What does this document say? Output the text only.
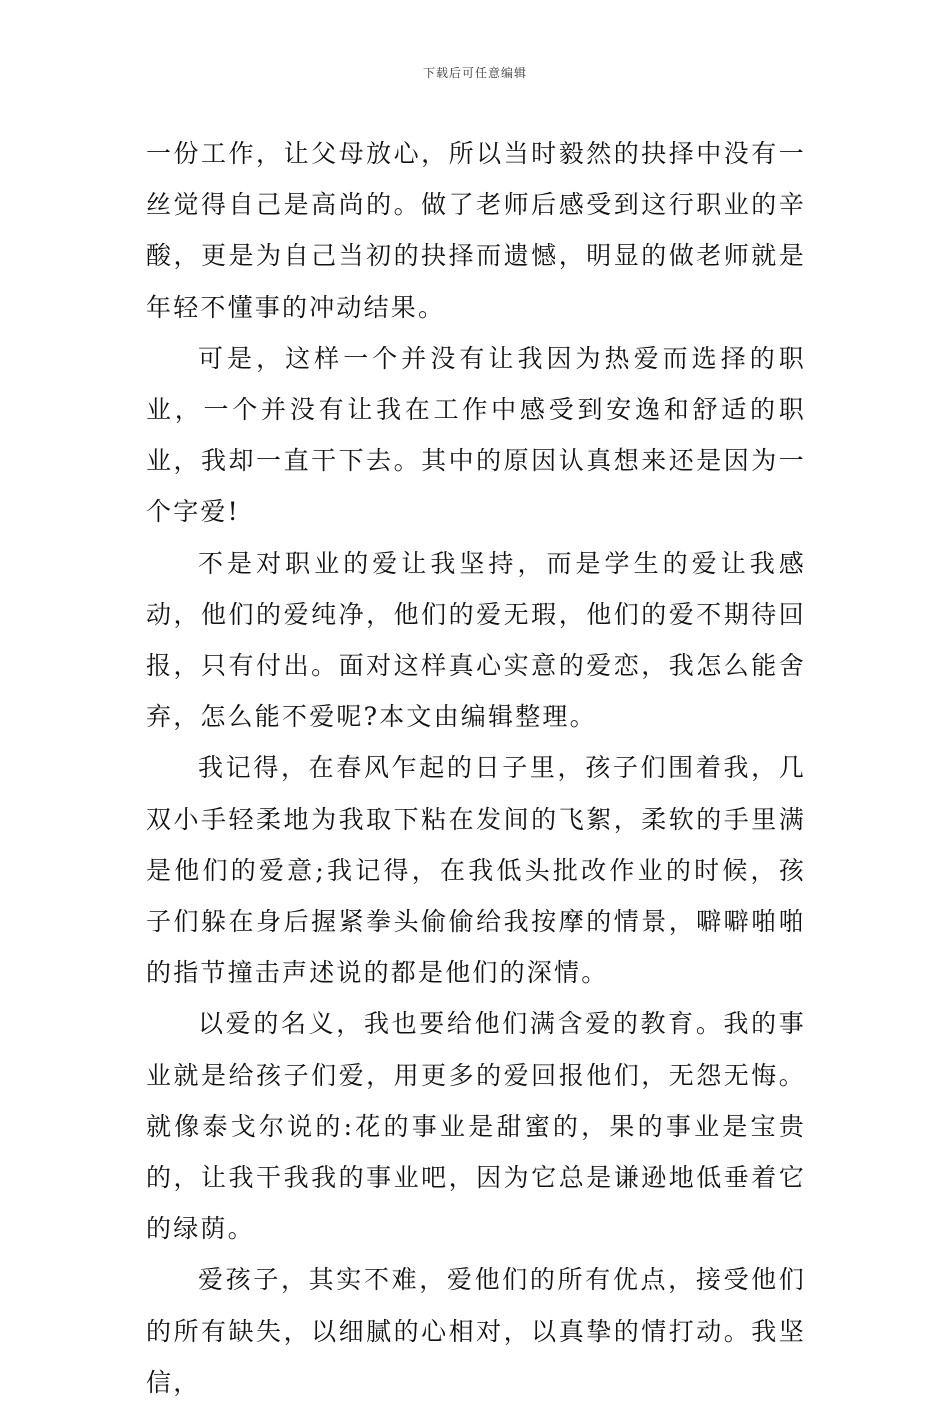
下载后可任意编辑

一份工作，让父母放心，所以当时毅然的抉择中没有一丝觉得自己是高尚的。做了老师后感受到这行职业的辛酸，更是为自己当初的抉择而遗憾，明显的做老师就是年轻不懂事的冲动结果。

可是，这样一个并没有让我因为热爱而选择的职业，一个并没有让我在工作中感受到安逸和舒适的职业，我却一直干下去。其中的原因认真想来还是因为一个字爱!

不是对职业的爱让我坚持，而是学生的爱让我感动，他们的爱纯净，他们的爱无瑕，他们的爱不期待回报，只有付出。面对这样真心实意的爱恋，我怎么能舍弃，怎么能不爱呢?本文由编辑整理。

我记得，在春风乍起的日子里，孩子们围着我，几双小手轻柔地为我取下粘在发间的飞絮，柔软的手里满是他们的爱意;我记得，在我低头批改作业的时候，孩子们躲在身后握紧拳头偷偷给我按摩的情景，噼噼啪啪的指节撞击声述说的都是他们的深情。

以爱的名义，我也要给他们满含爱的教育。我的事业就是给孩子们爱，用更多的爱回报他们，无怨无悔。就像泰戈尔说的:花的事业是甜蜜的，果的事业是宝贵的，让我干我我的事业吧，因为它总是谦逊地低垂着它的绿荫。

爱孩子，其实不难，爱他们的所有优点，接受他们的所有缺失，以细腻的心相对，以真挚的情打动。我坚信，
